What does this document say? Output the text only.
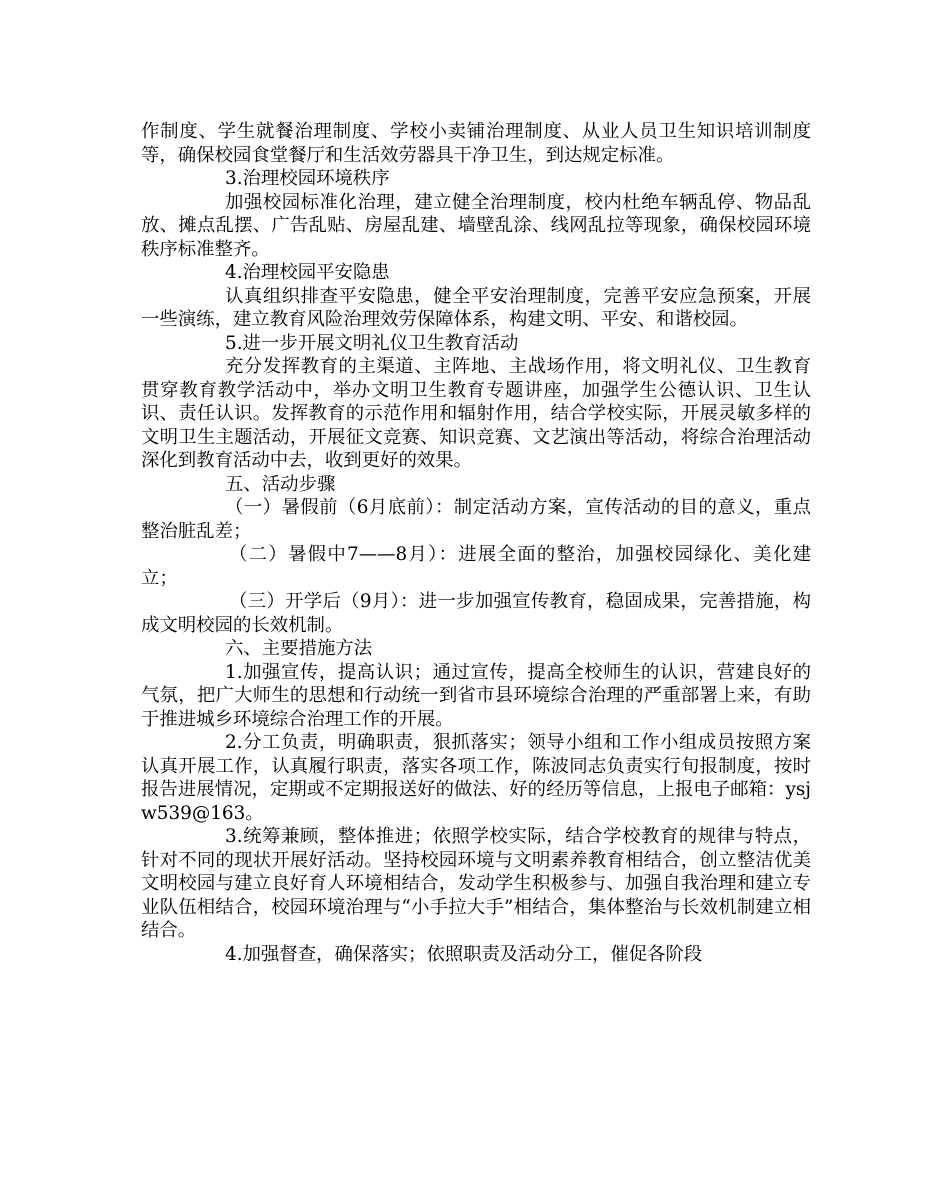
作制度、学生就餐治理制度、学校小卖铺治理制度、从业人员卫生知识培训制度等，确保校园食堂餐厅和生活效劳器具干净卫生，到达规定标准。

3.治理校园环境秩序

加强校园标准化治理，建立健全治理制度，校内杜绝车辆乱停、物品乱放、摊点乱摆、广告乱贴、房屋乱建、墙壁乱涂、线网乱拉等现象，确保校园环境秩序标准整齐。

4.治理校园平安隐患

认真组织排查平安隐患，健全平安治理制度，完善平安应急预案，开展一些演练，建立教育风险治理效劳保障体系，构建文明、平安、和谐校园。

5.进一步开展文明礼仪卫生教育活动

充分发挥教育的主渠道、主阵地、主战场作用，将文明礼仪、卫生教育贯穿教育教学活动中，举办文明卫生教育专题讲座，加强学生公德认识、卫生认识、责任认识。发挥教育的示范作用和辐射作用，结合学校实际，开展灵敏多样的文明卫生主题活动，开展征文竞赛、知识竞赛、文艺演出等活动，将综合治理活动深化到教育活动中去，收到更好的效果。

五、活动步骤

（一）暑假前（6月底前）：制定活动方案，宣传活动的目的意义，重点整治脏乱差；

（二）暑假中7——8月）：进展全面的整治，加强校园绿化、美化建立；

（三）开学后（9月）：进一步加强宣传教育，稳固成果，完善措施，构成文明校园的长效机制。

六、主要措施方法

1.加强宣传，提高认识；通过宣传，提高全校师生的认识，营建良好的气氛，把广大师生的思想和行动统一到省市县环境综合治理的严重部署上来，有助于推进城乡环境综合治理工作的开展。

2.分工负责，明确职责，狠抓落实；领导小组和工作小组成员按照方案认真开展工作，认真履行职责，落实各项工作，陈波同志负责实行旬报制度，按时报告进展情况，定期或不定期报送好的做法、好的经历等信息，上报电子邮箱：ysjw539@163。

3.统筹兼顾，整体推进；依照学校实际，结合学校教育的规律与特点，针对不同的现状开展好活动。坚持校园环境与文明素养教育相结合，创立整洁优美文明校园与建立良好育人环境相结合，发动学生积极参与、加强自我治理和建立专业队伍相结合，校园环境治理与“小手拉大手”相结合，集体整治与长效机制建立相结合。

4.加强督查，确保落实；依照职责及活动分工，催促各阶段
